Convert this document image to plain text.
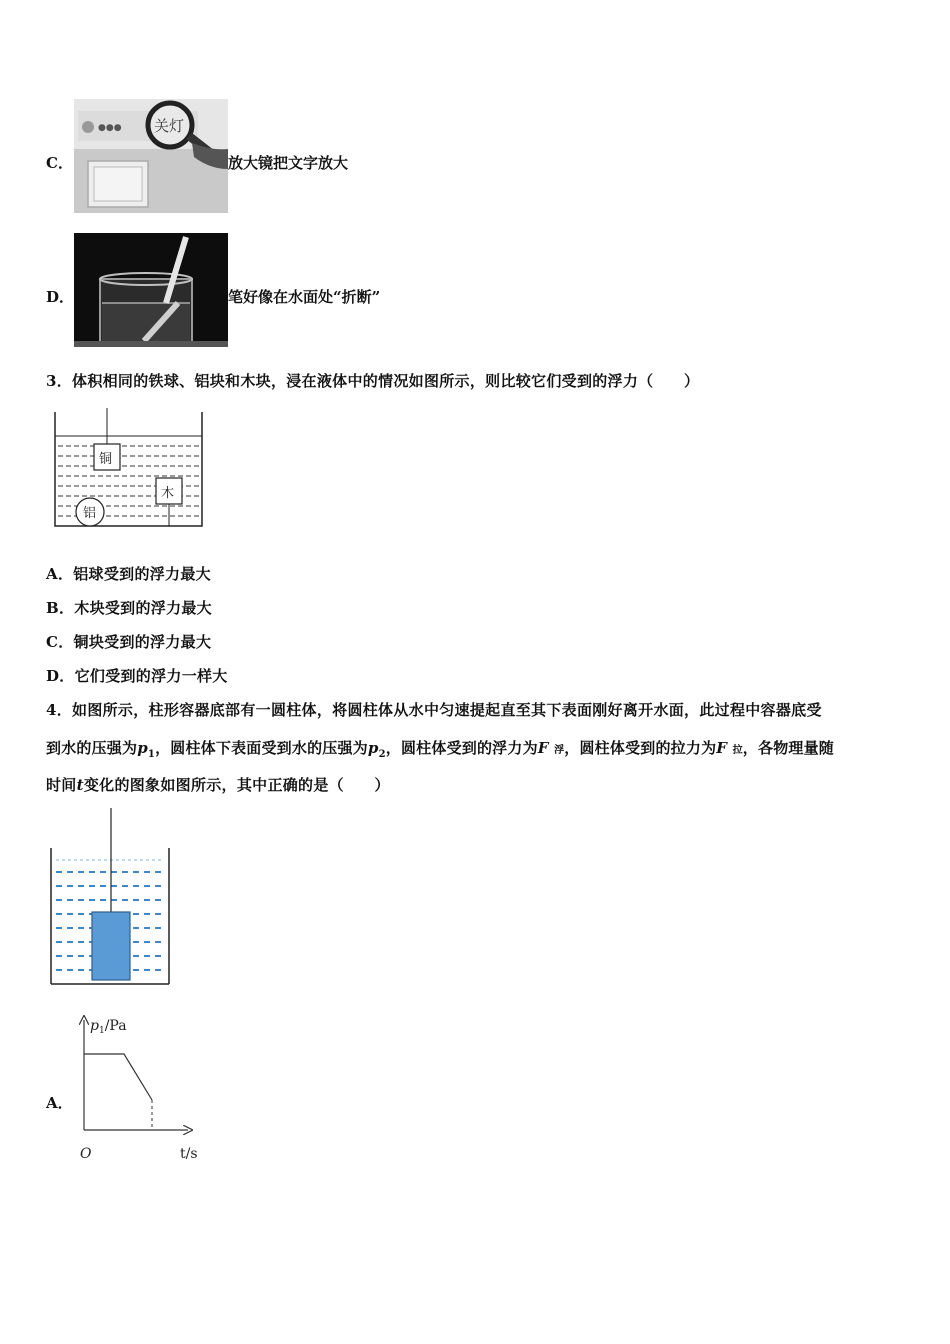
C．
●●● 关灯
放大镜把文字放大
D．	笔好像在水面处“折断”
3．体积相同的铁球、铝块和木块，浸在液体中的情况如图所示，则比较它们受到的浮力（　　）
铜
木
铝
A．铝球受到的浮力最大
B．木块受到的浮力最大
C．铜块受到的浮力最大
D．它们受到的浮力一样大
4．如图所示，柱形容器底部有一圆柱体，将圆柱体从水中匀速提起直至其下表面刚好离开水面，此过程中容器底受
到水的压强为$p_1$，圆柱体下表面受到水的压强为$p_2$，圆柱体受到的浮力为F 浮，圆柱体受到的拉力为F 拉，各物理量随
时间t变化的图象如图所示，其中正确的是（　　）
A．
$p_1/Pa$
O	t/s
